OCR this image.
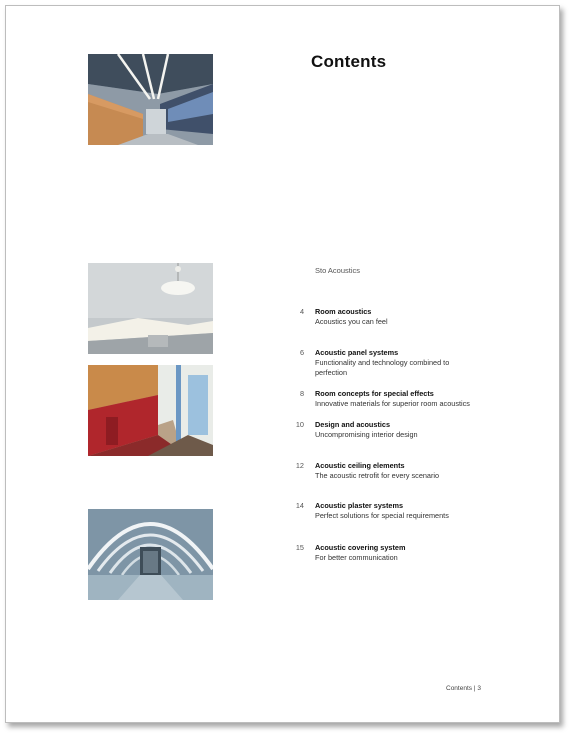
Contents
Sto Acoustics
4 Room acoustics
Acoustics you can feel
6 Acoustic panel systems
Functionality and technology combined to perfection
8 Room concepts for special effects
Innovative materials for superior room acoustics
10 Design and acoustics
Uncompromising interior design
12 Acoustic ceiling elements
The acoustic retrofit for every scenario
14 Acoustic plaster systems
Perfect solutions for special requirements
15 Acoustic covering system
For better communication
Contents | 3
